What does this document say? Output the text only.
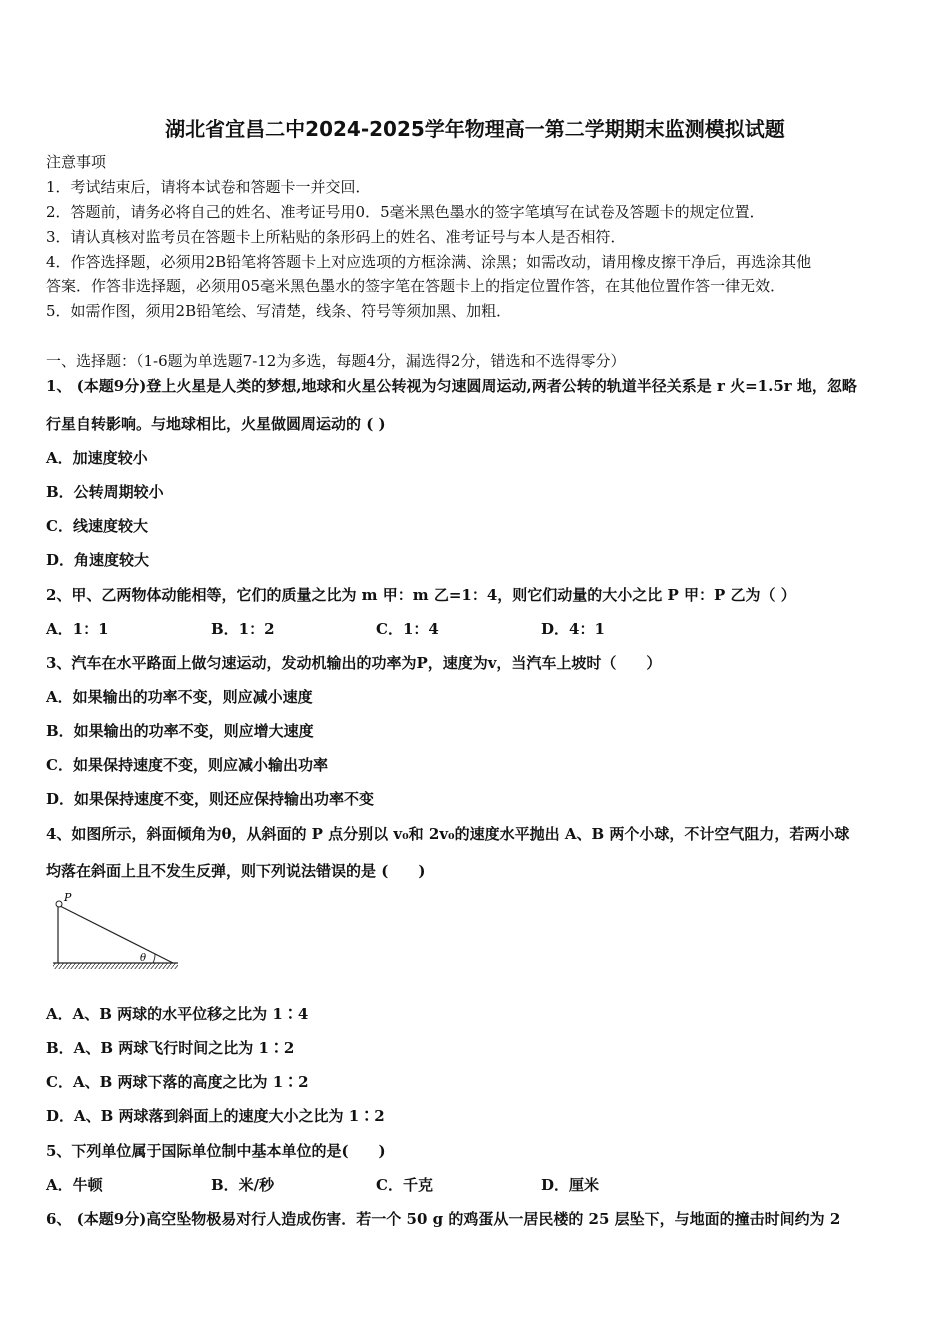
湖北省宜昌二中2024-2025学年物理高一第二学期期末监测模拟试题
注意事项
1．考试结束后，请将本试卷和答题卡一并交回．
2．答题前，请务必将自己的姓名、准考证号用0．5毫米黑色墨水的签字笔填写在试卷及答题卡的规定位置．
3．请认真核对监考员在答题卡上所粘贴的条形码上的姓名、准考证号与本人是否相符．
4．作答选择题，必须用2B铅笔将答题卡上对应选项的方框涂满、涂黑；如需改动，请用橡皮擦干净后，再选涂其他
答案．作答非选择题，必须用05毫米黑色墨水的签字笔在答题卡上的指定位置作答，在其他位置作答一律无效．
5．如需作图，须用2B铅笔绘、写清楚，线条、符号等须加黑、加粗．
一、选择题：（1-6题为单选题7-12为多选，每题4分，漏选得2分，错选和不选得零分）
1、 (本题9分)登上火星是人类的梦想,地球和火星公转视为匀速圆周运动,两者公转的轨道半径关系是 r 火=1.5r 地，忽略
行星自转影响。与地球相比，火星做圆周运动的 ( )
A．加速度较小
B．公转周期较小
C．线速度较大
D．角速度较大
2、甲、乙两物体动能相等，它们的质量之比为 m 甲：m 乙=1：4，则它们动量的大小之比 P 甲：P 乙为（ ）
A．1：1	B．1：2	C．1：4	D．4：1
3、汽车在水平路面上做匀速运动，发动机输出的功率为P，速度为v，当汽车上坡时（　　）
A．如果输出的功率不变，则应减小速度
B．如果输出的功率不变，则应增大速度
C．如果保持速度不变，则应减小输出功率
D．如果保持速度不变，则还应保持输出功率不变
4、如图所示，斜面倾角为θ，从斜面的 P 点分别以 v₀和 2v₀的速度水平抛出 A、B 两个小球，不计空气阻力，若两小球
均落在斜面上且不发生反弹，则下列说法错误的是 (　　)
P
θ
A．A、B 两球的水平位移之比为 1∶4
B．A、B 两球飞行时间之比为 1∶2
C．A、B 两球下落的高度之比为 1∶2
D．A、B 两球落到斜面上的速度大小之比为 1∶2
5、下列单位属于国际单位制中基本单位的是(　　)
A．牛顿	B．米/秒	C．千克	D．厘米
6、 (本题9分)高空坠物极易对行人造成伤害．若一个 50 g 的鸡蛋从一居民楼的 25 层坠下，与地面的撞击时间约为 2
